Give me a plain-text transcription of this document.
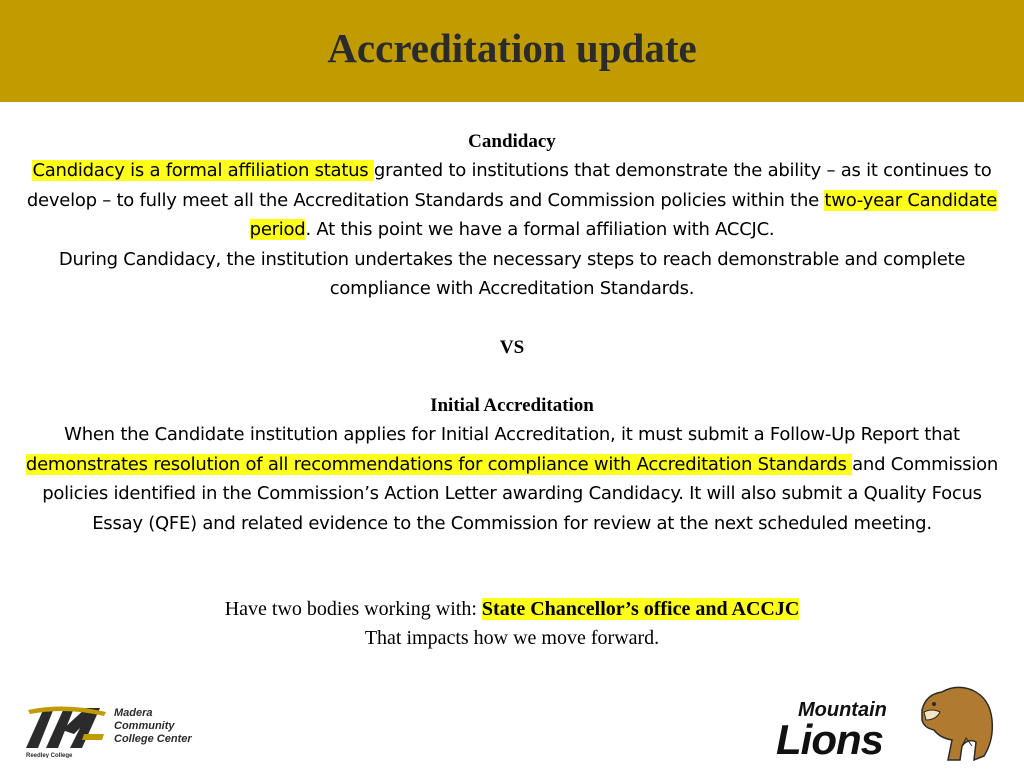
Accreditation update
Candidacy
Candidacy is a formal affiliation status granted to institutions that demonstrate the ability – as it continues to develop – to fully meet all the Accreditation Standards and Commission policies within the two-year Candidate period. At this point we have a formal affiliation with ACCJC.
During Candidacy, the institution undertakes the necessary steps to reach demonstrable and complete compliance with Accreditation Standards.
VS
Initial Accreditation
When the Candidate institution applies for Initial Accreditation, it must submit a Follow-Up Report that demonstrates resolution of all recommendations for compliance with Accreditation Standards and Commission policies identified in the Commission’s Action Letter awarding Candidacy. It will also submit a Quality Focus Essay (QFE) and related evidence to the Commission for review at the next scheduled meeting.
Have two bodies working with: State Chancellor’s office and ACCJC
That impacts how we move forward.
Madera
Community
College Center
Reedley College
Mountain
Lions
